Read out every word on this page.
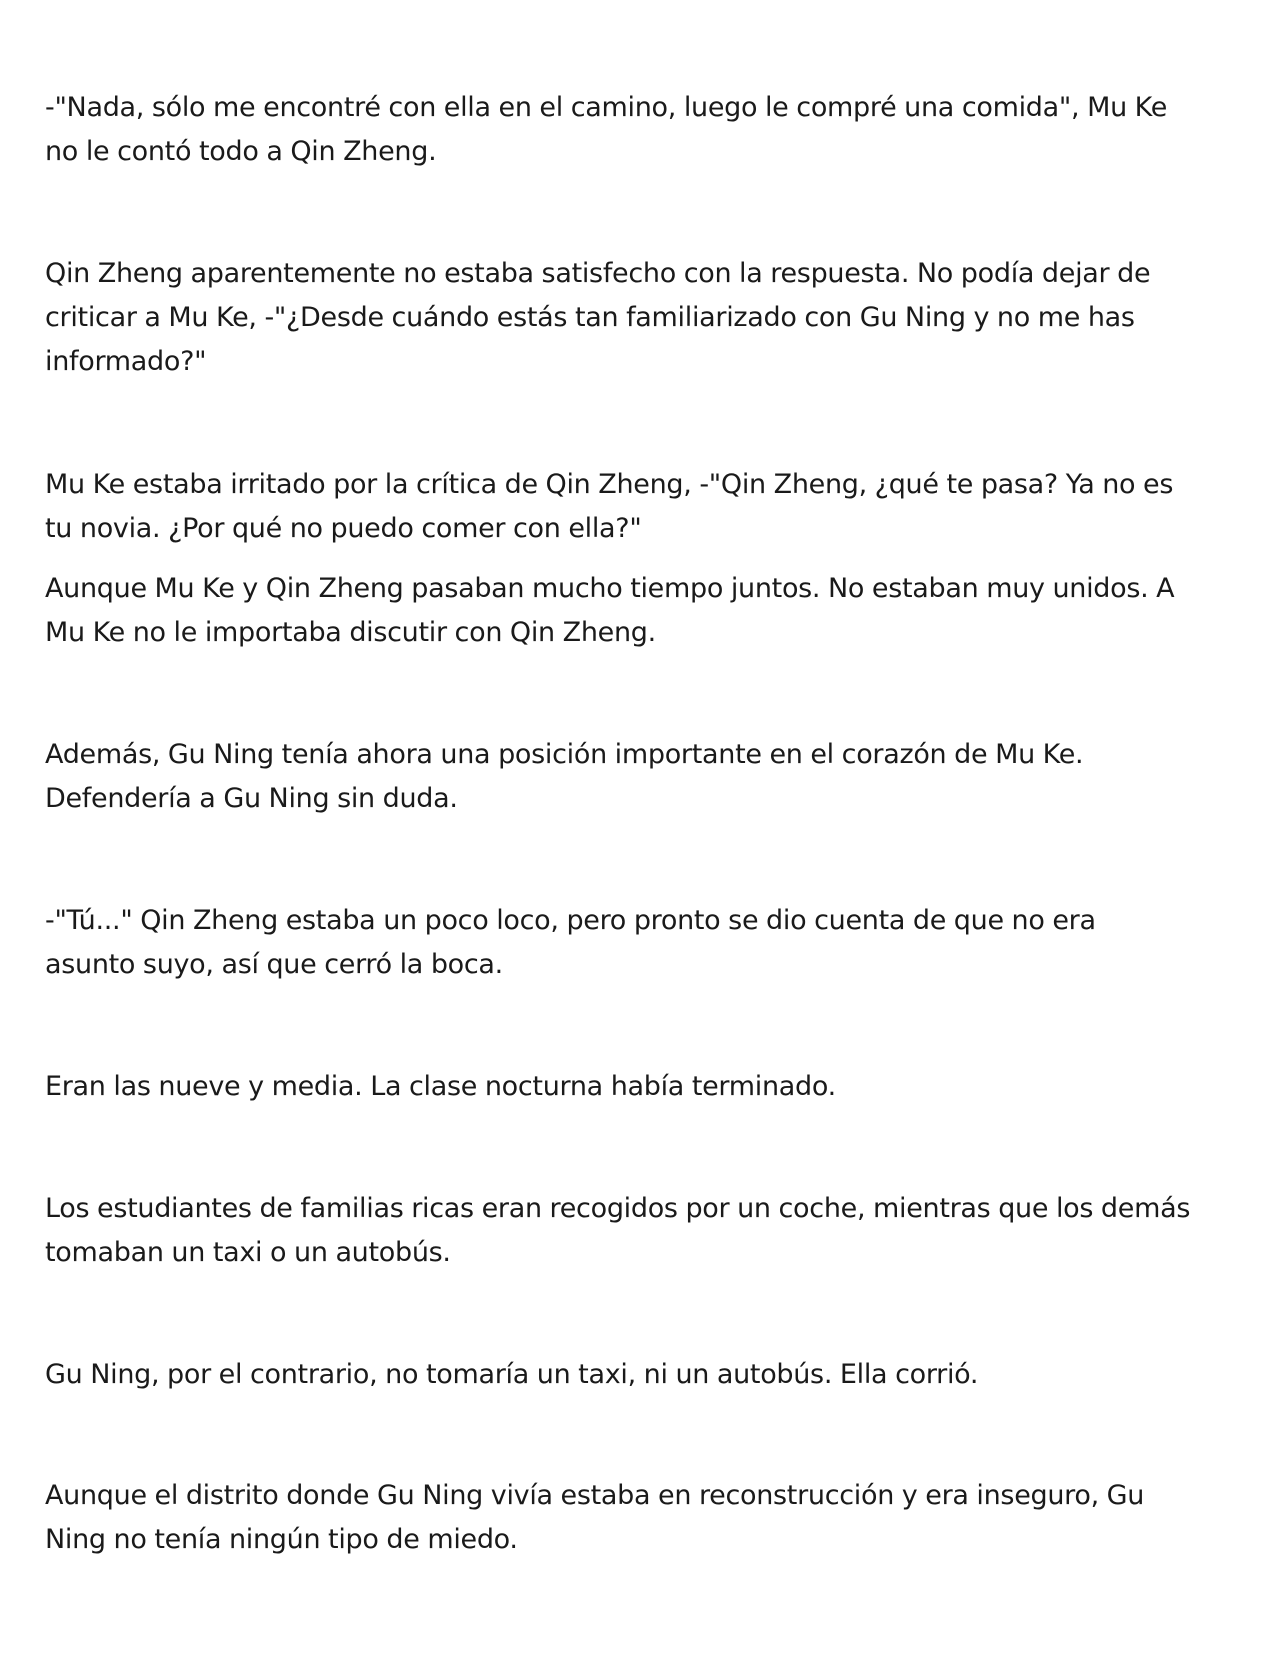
-"Nada, sólo me encontré con ella en el camino, luego le compré una comida", Mu Ke
no le contó todo a Qin Zheng.

Qin Zheng aparentemente no estaba satisfecho con la respuesta. No podía dejar de
criticar a Mu Ke, -"¿Desde cuándo estás tan familiarizado con Gu Ning y no me has
informado?"

Mu Ke estaba irritado por la crítica de Qin Zheng, -"Qin Zheng, ¿qué te pasa? Ya no es
tu novia. ¿Por qué no puedo comer con ella?"

Aunque Mu Ke y Qin Zheng pasaban mucho tiempo juntos. No estaban muy unidos. A
Mu Ke no le importaba discutir con Qin Zheng.

Además, Gu Ning tenía ahora una posición importante en el corazón de Mu Ke.
Defendería a Gu Ning sin duda.

-"Tú..." Qin Zheng estaba un poco loco, pero pronto se dio cuenta de que no era
asunto suyo, así que cerró la boca.

Eran las nueve y media. La clase nocturna había terminado.

Los estudiantes de familias ricas eran recogidos por un coche, mientras que los demás
tomaban un taxi o un autobús.

Gu Ning, por el contrario, no tomaría un taxi, ni un autobús. Ella corrió.

Aunque el distrito donde Gu Ning vivía estaba en reconstrucción y era inseguro, Gu
Ning no tenía ningún tipo de miedo.
